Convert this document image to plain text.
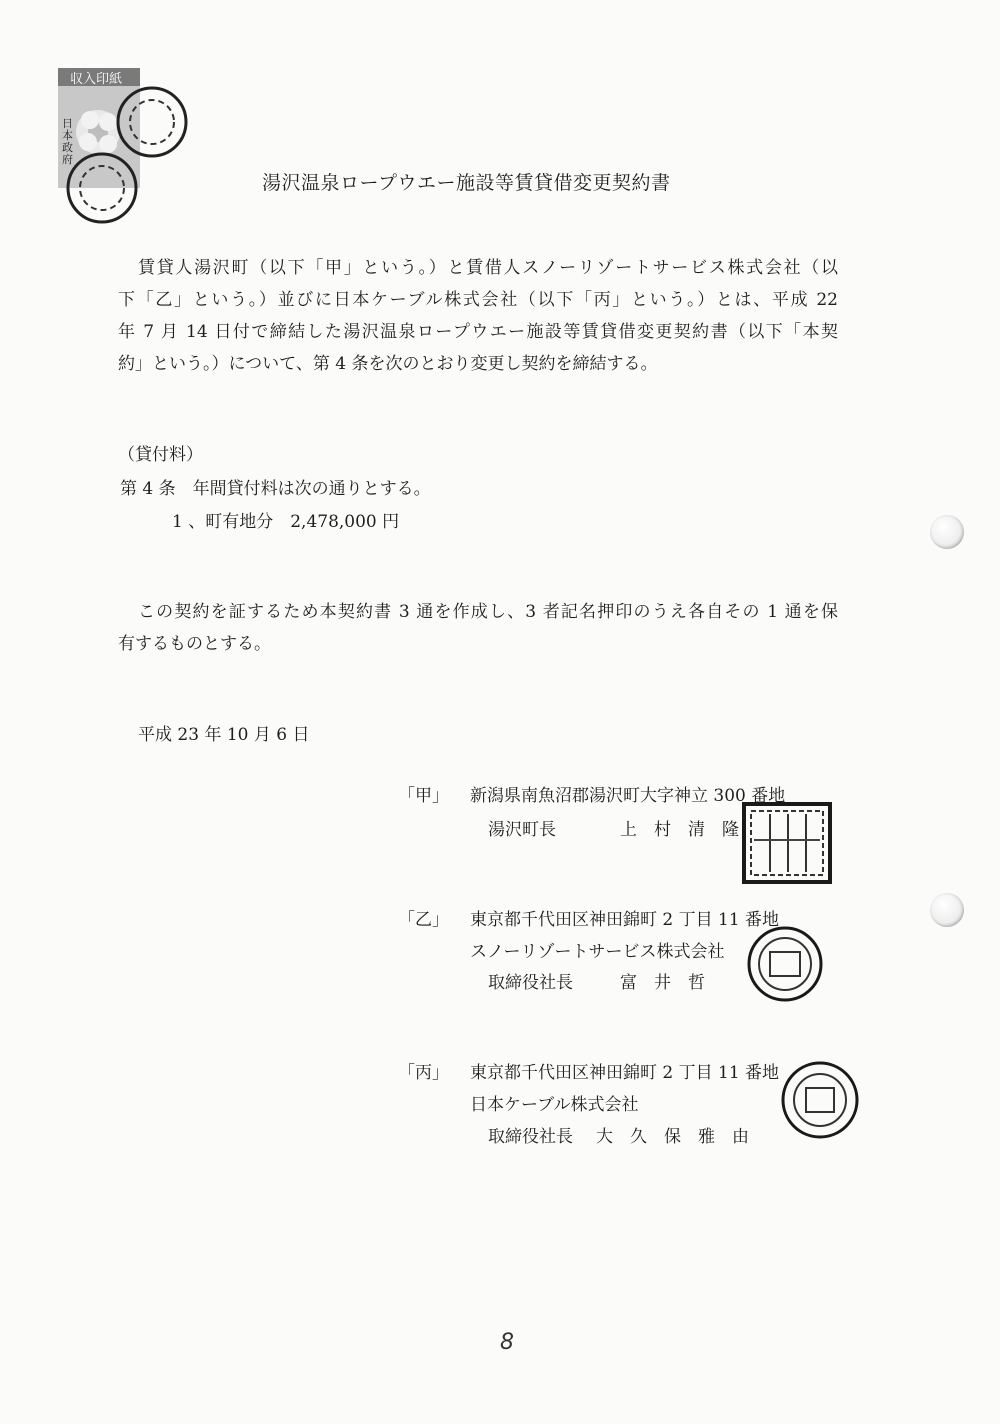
収入印紙
日本政府
湯沢温泉ロープウエー施設等賃貸借変更契約書
賃貸人湯沢町（以下「甲」という。）と賃借人スノーリゾートサービス株式会社（以
下「乙」という。）並びに日本ケーブル株式会社（以下「丙」という。）とは、平成 22
年 7 月 14 日付で締結した湯沢温泉ロープウエー施設等賃貸借変更契約書（以下「本契
約」という。）について、第 4 条を次のとおり変更し契約を締結する。
（貸付料）
第 4 条　年間貸付料は次の通りとする。
1 、町有地分　2,478,000 円
この契約を証するため本契約書 3 通を作成し、3 者記名押印のうえ各自その 1 通を保
有するものとする。
平成 23 年 10 月 6 日
「甲」 新潟県南魚沼郡湯沢町大字神立 300 番地
湯沢町長	上　村　清　隆
「乙」 東京都千代田区神田錦町 2 丁目 11 番地
スノーリゾートサービス株式会社
取締役社長	富　井　哲
「丙」 東京都千代田区神田錦町 2 丁目 11 番地
日本ケーブル株式会社
取締役社長 大　久　保　雅　由
8
